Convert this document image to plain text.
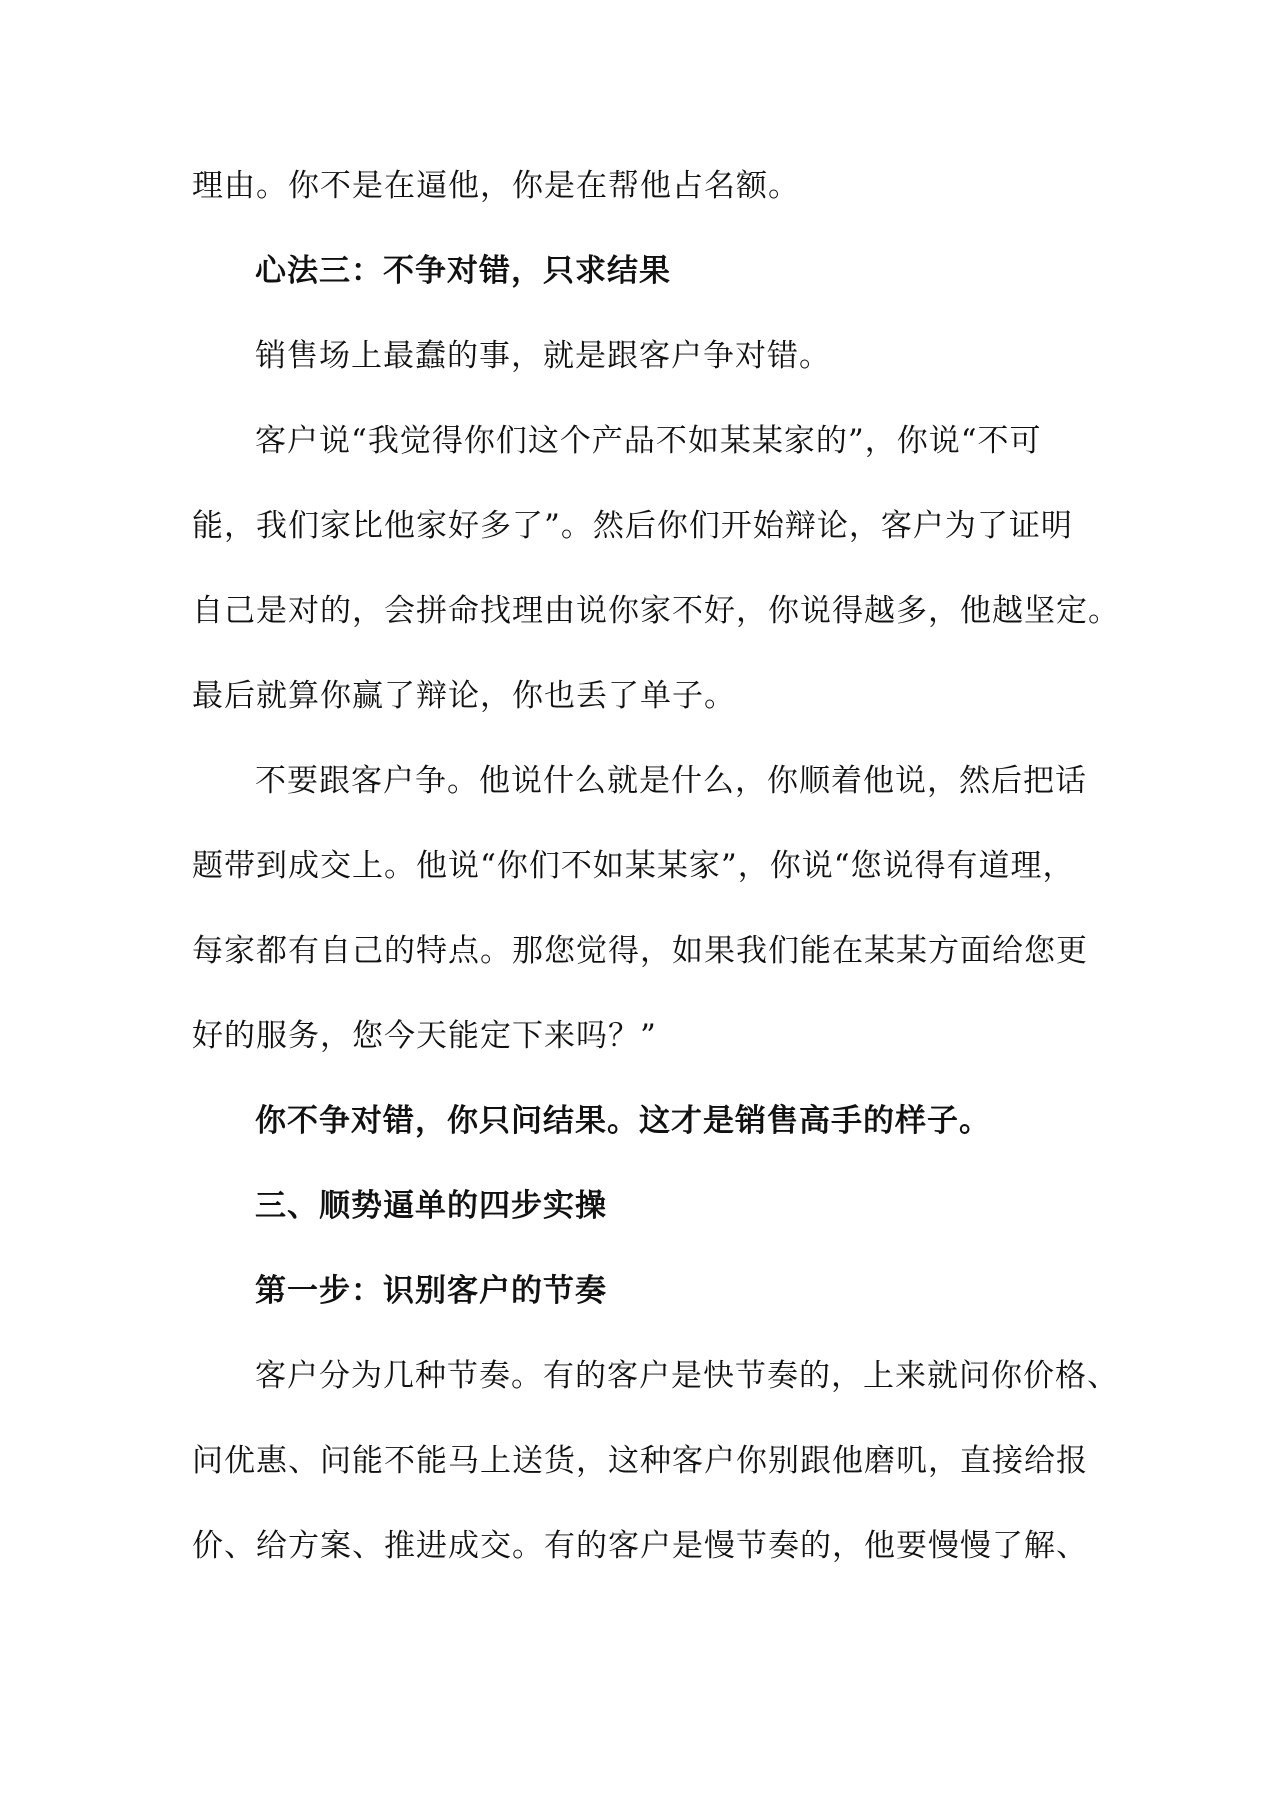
理由。你不是在逼他，你是在帮他占名额。
心法三：不争对错，只求结果
销售场上最蠢的事，就是跟客户争对错。
客户说“我觉得你们这个产品不如某某家的”，你说“不可
能，我们家比他家好多了”。然后你们开始辩论，客户为了证明
自己是对的，会拼命找理由说你家不好，你说得越多，他越坚定。
最后就算你赢了辩论，你也丢了单子。
不要跟客户争。他说什么就是什么，你顺着他说，然后把话
题带到成交上。他说“你们不如某某家”，你说“您说得有道理，
每家都有自己的特点。那您觉得，如果我们能在某某方面给您更
好的服务，您今天能定下来吗？”
你不争对错，你只问结果。这才是销售高手的样子。
三、顺势逼单的四步实操
第一步：识别客户的节奏
客户分为几种节奏。有的客户是快节奏的，上来就问你价格、
问优惠、问能不能马上送货，这种客户你别跟他磨叽，直接给报
价、给方案、推进成交。有的客户是慢节奏的，他要慢慢了解、
